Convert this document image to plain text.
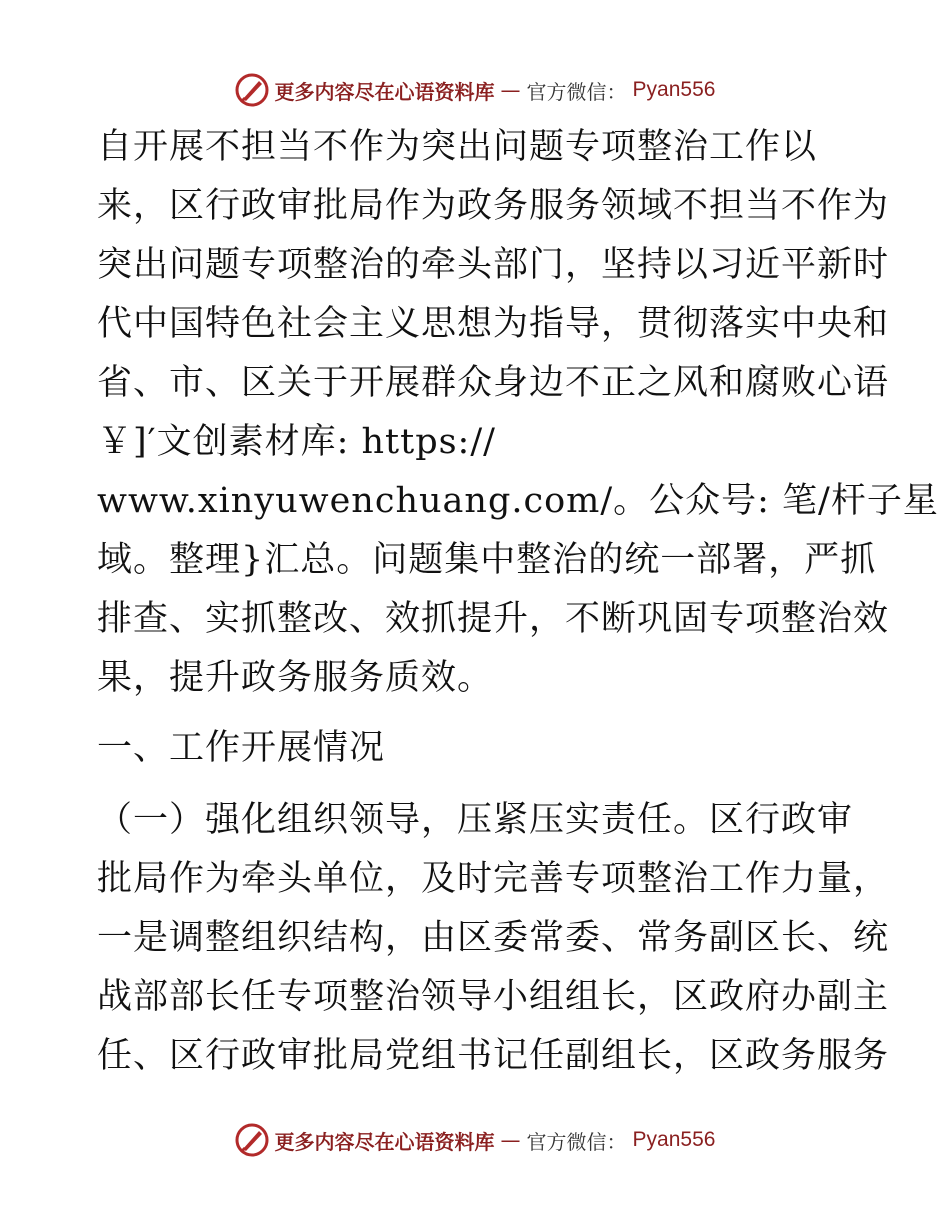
更多内容尽在心语资料库 — 官方微信： Pyan556
自开展不担当不作为突出问题专项整治工作以
来，区行政审批局作为政务服务领域不担当不作为
突出问题专项整治的牵头部门，坚持以习近平新时
代中国特色社会主义思想为指导，贯彻落实中央和
省、市、区关于开展群众身边不正之风和腐败心语
￥]′文创素材库: https://
www.xinyuwenchuang.com/。公众号: 笔/杆子星
域。整理}汇总。问题集中整治的统一部署，严抓
排查、实抓整改、效抓提升，不断巩固专项整治效
果，提升政务服务质效。
一、工作开展情况
（一）强化组织领导，压紧压实责任。区行政审
批局作为牵头单位，及时完善专项整治工作力量，
一是调整组织结构，由区委常委、常务副区长、统
战部部长任专项整治领导小组组长，区政府办副主
任、区行政审批局党组书记任副组长，区政务服务
更多内容尽在心语资料库 — 官方微信： Pyan556
